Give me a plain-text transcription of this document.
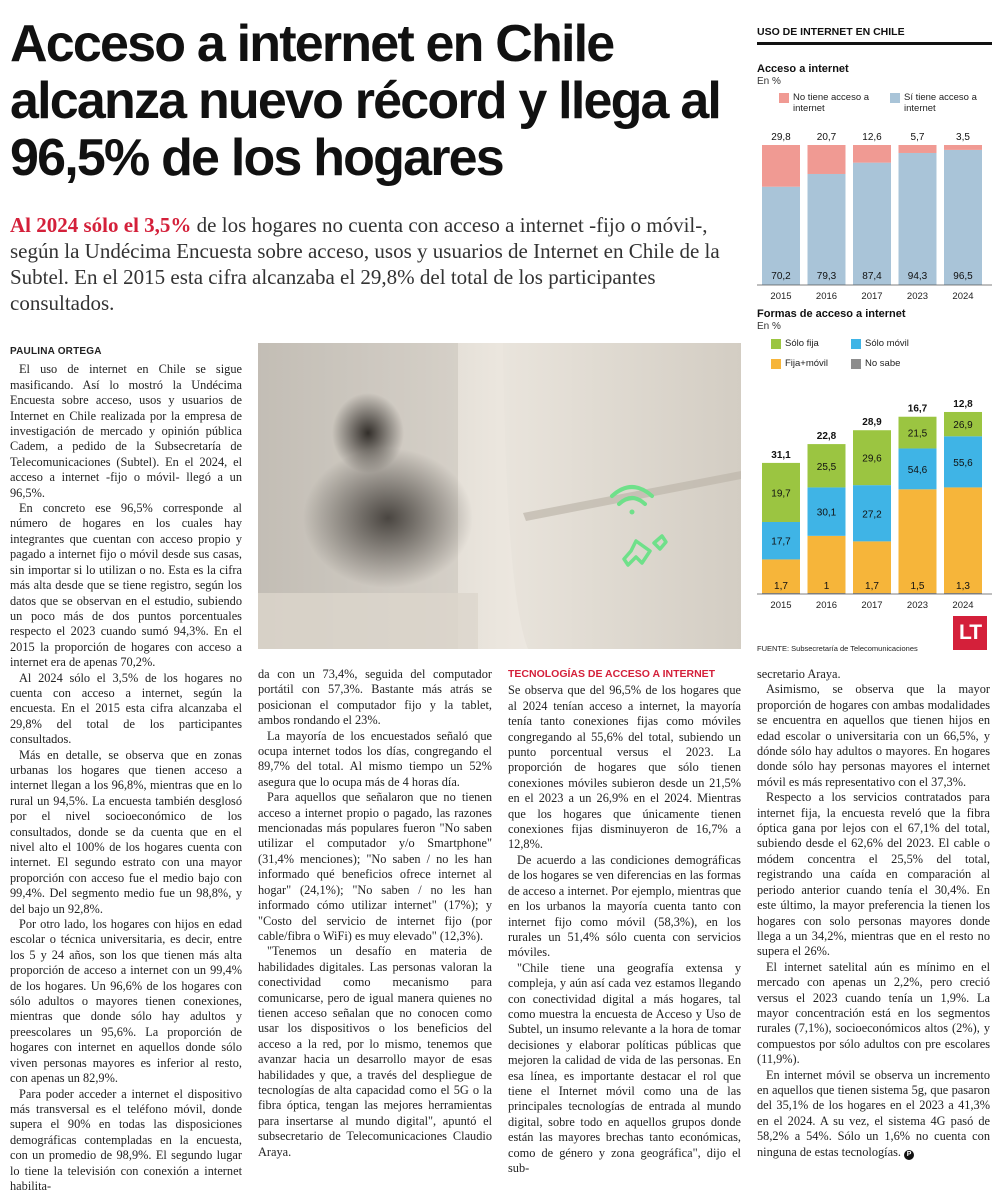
Acceso a internet en Chile alcanza nuevo récord y llega al 96,5% de los hogares

Al 2024 sólo el 3,5% de los hogares no cuenta con acceso a internet -fijo o móvil-, según la Undécima Encuesta sobre acceso, usos y usuarios de Internet en Chile de la Subtel. En el 2015 esta cifra alcanzaba el 29,8% del total de los participantes consultados.

PAULINA ORTEGA

El uso de internet en Chile se sigue masificando. Así lo mostró la Undécima Encuesta sobre acceso, usos y usuarios de Internet en Chile realizada por la empresa de investigación de mercado y opinión pública Cadem, a pedido de la Subsecretaría de Telecomunicaciones (Subtel). En el 2024, el acceso a internet -fijo o móvil- llegó a un 96,5%.

En concreto ese 96,5% corresponde al número de hogares en los cuales hay integrantes que cuentan con acceso propio y pagado a internet fijo o móvil desde sus casas, sin importar si lo utilizan o no. Esta es la cifra más alta desde que se tiene registro, según los datos que se observan en el estudio, subiendo un poco más de dos puntos porcentuales respecto el 2023 cuando sumó 94,3%. En el 2015 la proporción de hogares con acceso a internet era de apenas 70,2%.

Al 2024 sólo el 3,5% de los hogares no cuenta con acceso a internet, según la encuesta. En el 2015 esta cifra alcanzaba el 29,8% del total de los participantes consultados.

Más en detalle, se observa que en zonas urbanas los hogares que tienen acceso a internet llegan a los 96,8%, mientras que en lo rural un 94,5%. La encuesta también desglosó por el nivel socioeconómico de los consultados, donde se da cuenta que en el nivel alto el 100% de los hogares cuenta con internet. El segundo estrato con una mayor proporción con acceso fue el medio bajo con 99,4%. Del segmento medio fue un 98,8%, y del bajo un 92,8%.

Por otro lado, los hogares con hijos en edad escolar o técnica universitaria, es decir, entre los 5 y 24 años, son los que tienen más alta proporción de acceso a internet con un 99,4% de los hogares. Un 96,6% de los hogares con sólo adultos o mayores tienen conexiones, mientras que donde sólo hay adultos y preescolares un 95,6%. La proporción de hogares con internet en aquellos donde sólo viven personas mayores es inferior al resto, con apenas un 82,9%.

Para poder acceder a internet el dispositivo más transversal es el teléfono móvil, donde supera el 90% en todas las disposiciones demográficas contempladas en la encuesta, con un promedio de 98,9%. El segundo lugar lo tiene la televisión con conexión a internet habilita-

da con un 73,4%, seguida del computador portátil con 57,3%. Bastante más atrás se posicionan el computador fijo y la tablet, ambos rondando el 23%.

La mayoría de los encuestados señaló que ocupa internet todos los días, congregando el 89,7% del total. Al mismo tiempo un 52% asegura que lo ocupa más de 4 horas día.

Para aquellos que señalaron que no tienen acceso a internet propio o pagado, las razones mencionadas más populares fueron "No saben utilizar el computador y/o Smartphone" (31,4% menciones); "No saben / no les han informado qué beneficios ofrece internet al hogar" (24,1%); "No saben / no les han informado cómo utilizar internet" (17%); y "Costo del servicio de internet fijo (por cable/fibra o WiFi) es muy elevado" (12,3%).

"Tenemos un desafío en materia de habilidades digitales. Las personas valoran la conectividad como mecanismo para comunicarse, pero de igual manera quienes no tienen acceso señalan que no conocen como usar los dispositivos o los beneficios del acceso a la red, por lo mismo, tenemos que avanzar hacia un desarrollo mayor de esas habilidades y que, a través del despliegue de tecnologías de alta capacidad como el 5G o la fibra óptica, tengan las mejores herramientas para insertarse al mundo digital", apuntó el subsecretario de Telecomunicaciones Claudio Araya.

TECNOLOGÍAS DE ACCESO A INTERNET

Se observa que del 96,5% de los hogares que al 2024 tenían acceso a internet, la mayoría tenía tanto conexiones fijas como móviles congregando al 55,6% del total, subiendo un punto porcentual versus el 2023. La proporción de hogares que sólo tienen conexiones móviles subieron desde un 21,5% en el 2023 a un 26,9% en el 2024. Mientras que los hogares que únicamente tienen conexiones fijas disminuyeron de 16,7% a 12,8%.

De acuerdo a las condiciones demográficas de los hogares se ven diferencias en las formas de acceso a internet. Por ejemplo, mientras que en los urbanos la mayoría cuenta tanto con internet fijo como móvil (58,3%), en los rurales un 51,4% sólo cuenta con servicios móviles.

"Chile tiene una geografía extensa y compleja, y aún así cada vez estamos llegando con conectividad digital a más hogares, tal como muestra la encuesta de Acceso y Uso de Subtel, un insumo relevante a la hora de tomar decisiones y elaborar políticas públicas que mejoren la calidad de vida de las personas. En esa línea, es importante destacar el rol que tiene el Internet móvil como una de las principales tecnologías de entrada al mundo digital, sobre todo en aquellos grupos donde están las mayores brechas tanto económicas, como de género y zona geográfica", dijo el sub-

secretario Araya.

Asimismo, se observa que la mayor proporción de hogares con ambas modalidades se encuentra en aquellos que tienen hijos en edad escolar o universitaria con un 66,5%, y dónde sólo hay adultos o mayores. En hogares donde sólo hay personas mayores el internet móvil es más representativo con el 37,3%.

Respecto a los servicios contratados para internet fija, la encuesta reveló que la fibra óptica gana por lejos con el 67,1% del total, subiendo desde el 62,6% del 2023. El cable o módem concentra el 25,5% del total, registrando una caída en comparación al periodo anterior cuando tenía el 30,4%. En este último, la mayor preferencia la tienen los hogares con solo personas mayores donde llega a un 34,2%, mientras que en el resto no supera el 26%.

El internet satelital aún es mínimo en el mercado con apenas un 2,2%, pero creció versus el 2023 cuando tenía un 1,9%. La mayor concentración está en los segmentos rurales (7,1%), socioeconómicos altos (2%), y compuestos por sólo adultos con pre escolares (11,9%).

En internet móvil se observa un incremento en aquellos que tienen sistema 5g, que pasaron del 35,1% de los hogares en el 2023 a 41,3% en el 2024. A su vez, el sistema 4G pasó de 58,2% a 54%. Sólo un 1,6% no cuenta con ninguna de estas tecnologías. P

USO DE INTERNET EN CHILE
Acceso a internet
En %
No tiene acceso a internet
Sí tiene acceso a internet
70,2
29,8
2015
79,3
20,7
2016
87,4
12,6
2017
94,3
5,7
2023
96,5
3,5
2024
Formas de acceso a internet
En %
Sólo fija	Sólo móvil
Fija+móvil	No sabe
1,7
17,7
19,7
31,1
2015
1
30,1
25,5
22,8
2016
1,7
27,2
29,6
28,9
2017
1,5
54,6
21,5
16,7
2023
1,3
55,6
26,9
12,8
2024
LT
FUENTE: Subsecretaría de Telecomunicaciones
